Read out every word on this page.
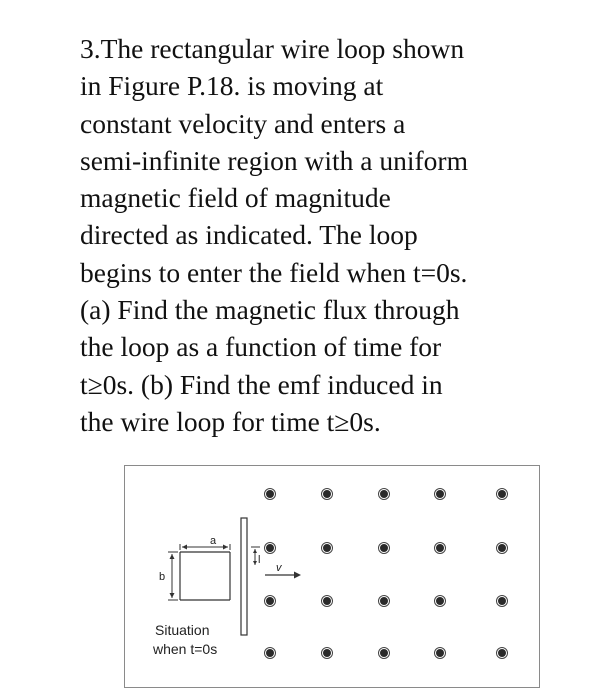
3.The rectangular wire loop shown
in Figure P.18. is moving at
constant velocity and enters a
semi-infinite region with a uniform
magnetic field of magnitude
directed as indicated. The loop
begins to enter the field when t=0s.
(a) Find the magnetic flux through
the loop as a function of time for
t≥0s. (b) Find the emf induced in
the wire loop for time t≥0s.
a
b
l
v
Situation
when t=0s
